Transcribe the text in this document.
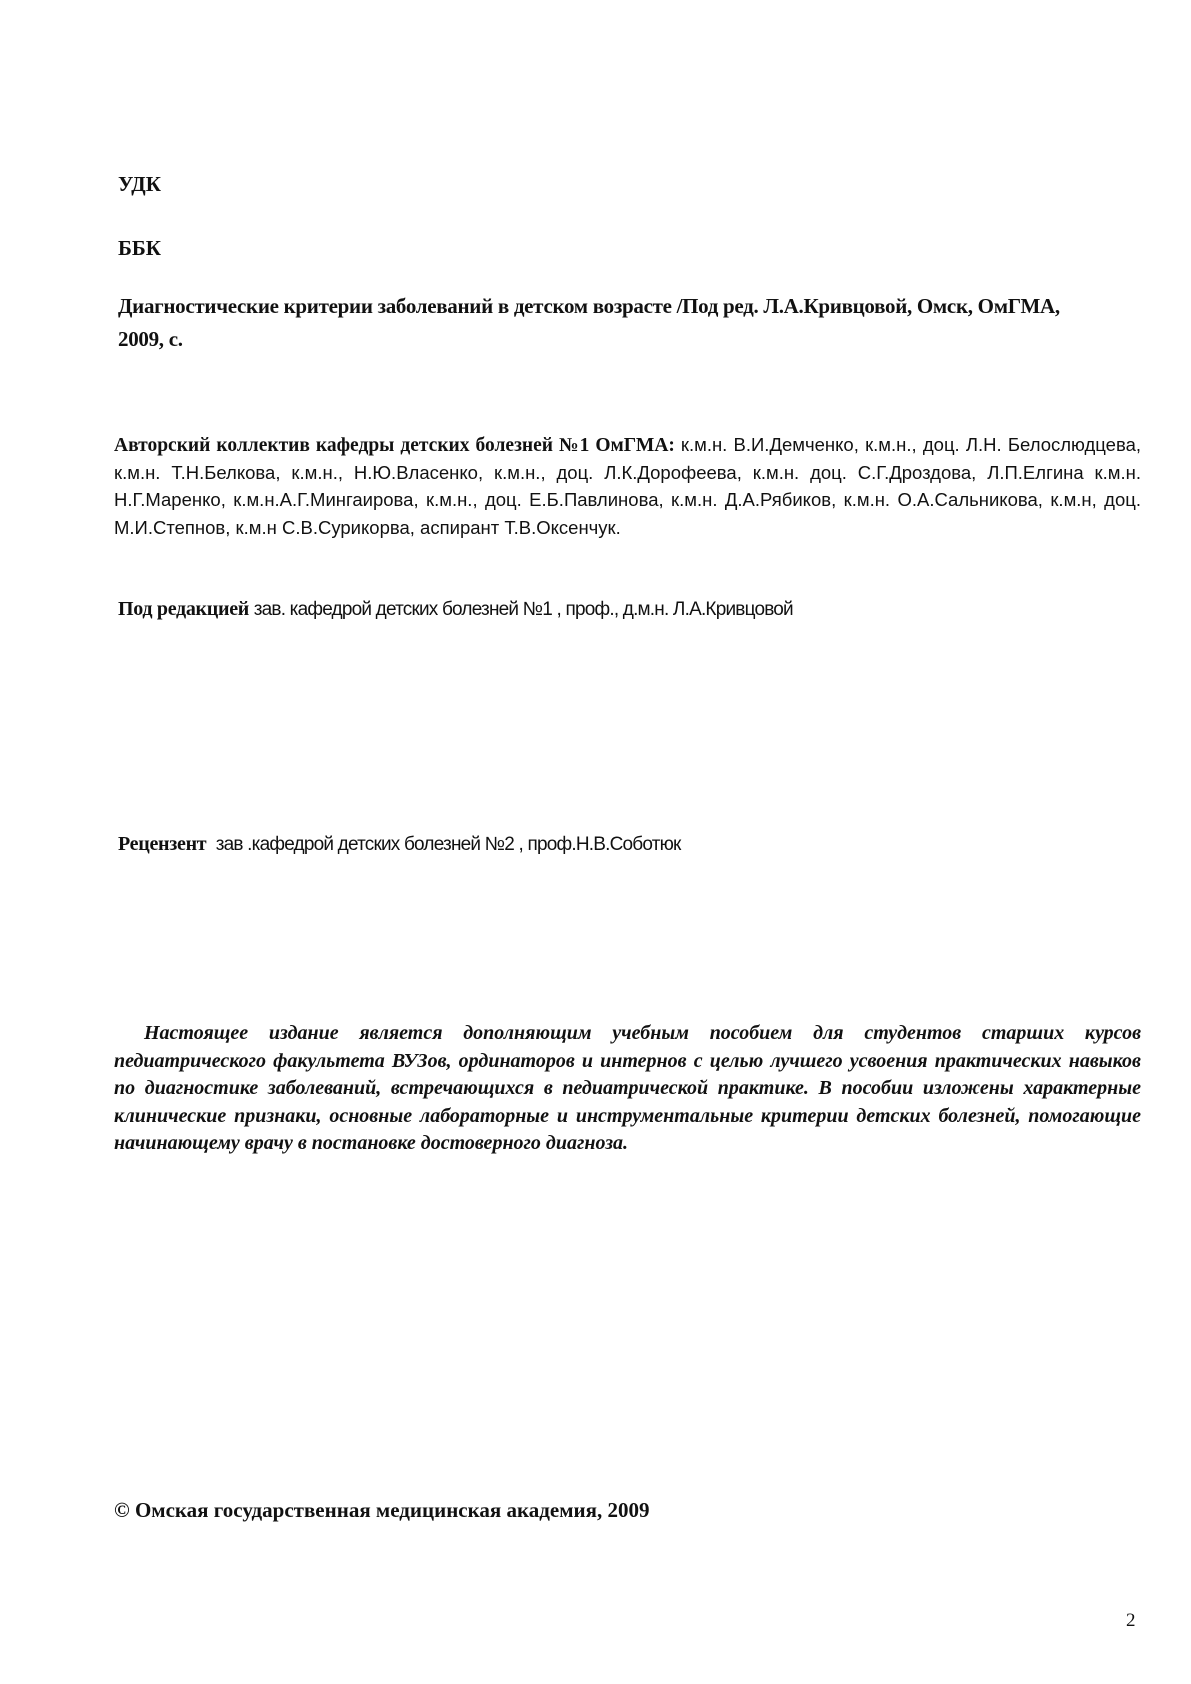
УДК

ББК

Диагностические критерии заболеваний в детском возрасте /Под ред. Л.А.Кривцовой, Омск, ОмГМА, 2009, с.

Авторский коллектив кафедры детских болезней №1 ОмГМА: к.м.н. В.И.Демченко, к.м.н., доц. Л.Н. Белослюдцева, к.м.н. Т.Н.Белкова, к.м.н., Н.Ю.Власенко, к.м.н., доц. Л.К.Дорофеева, к.м.н. доц. С.Г.Дроздова, Л.П.Елгина к.м.н. Н.Г.Маренко, к.м.н.А.Г.Мингаирова, к.м.н., доц. Е.Б.Павлинова, к.м.н. Д.А.Рябиков, к.м.н. О.А.Сальникова, к.м.н, доц. М.И.Степнов, к.м.н С.В.Сурикорва, аспирант Т.В.Оксенчук.

Под редакцией зав. кафедрой детских болезней №1 , проф., д.м.н. Л.А.Кривцовой

Рецензент зав .кафедрой детских болезней №2 , проф.Н.В.Соботюк

Настоящее издание является дополняющим учебным пособием для студентов старших курсов педиатрического факультета ВУЗов, ординаторов и интернов с целью лучшего усвоения практических навыков по диагностике заболеваний, встречающихся в педиатрической практике. В пособии изложены характерные клинические признаки, основные лабораторные и инструментальные критерии детских болезней, помогающие начинающему врачу в постановке достоверного диагноза.

© Омская государственная медицинская академия, 2009

2
